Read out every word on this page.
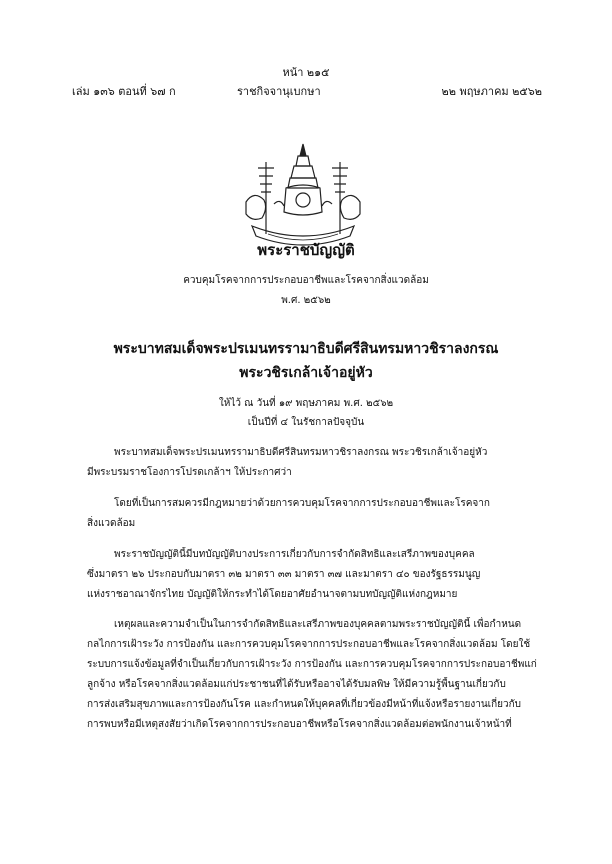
หน้า ๒๑๕
เล่ม ๑๓๖ ตอนที่ ๖๗ ก	ราชกิจจานุเบกษา	๒๒ พฤษภาคม ๒๕๖๒
พระราชบัญญัติ
ควบคุมโรคจากการประกอบอาชีพและโรคจากสิ่งแวดล้อม
พ.ศ. ๒๕๖๒
พระบาทสมเด็จพระปรเมนทรรามาธิบดีศรีสินทรมหาวชิราลงกรณ
พระวชิรเกล้าเจ้าอยู่หัว
ให้ไว้ ณ วันที่ ๑๙ พฤษภาคม พ.ศ. ๒๕๖๒
เป็นปีที่ ๔ ในรัชกาลปัจจุบัน
พระบาทสมเด็จพระปรเมนทรรามาธิบดีศรีสินทรมหาวชิราลงกรณ พระวชิรเกล้าเจ้าอยู่หัว
มีพระบรมราชโองการโปรดเกล้าฯ ให้ประกาศว่า
โดยที่เป็นการสมควรมีกฎหมายว่าด้วยการควบคุมโรคจากการประกอบอาชีพและโรคจาก
สิ่งแวดล้อม
พระราชบัญญัตินี้มีบทบัญญัติบางประการเกี่ยวกับการจำกัดสิทธิและเสรีภาพของบุคคล
ซึ่งมาตรา ๒๖ ประกอบกับมาตรา ๓๒ มาตรา ๓๓ มาตรา ๓๗ และมาตรา ๔๐ ของรัฐธรรมนูญ
แห่งราชอาณาจักรไทย บัญญัติให้กระทำได้โดยอาศัยอำนาจตามบทบัญญัติแห่งกฎหมาย
เหตุผลและความจำเป็นในการจำกัดสิทธิและเสรีภาพของบุคคลตามพระราชบัญญัตินี้ เพื่อกำหนด
กลไกการเฝ้าระวัง การป้องกัน และการควบคุมโรคจากการประกอบอาชีพและโรคจากสิ่งแวดล้อม โดยใช้
ระบบการแจ้งข้อมูลที่จำเป็นเกี่ยวกับการเฝ้าระวัง การป้องกัน และการควบคุมโรคจากการประกอบอาชีพแก่
ลูกจ้าง หรือโรคจากสิ่งแวดล้อมแก่ประชาชนที่ได้รับหรืออาจได้รับมลพิษ ให้มีความรู้พื้นฐานเกี่ยวกับ
การส่งเสริมสุขภาพและการป้องกันโรค และกำหนดให้บุคคลที่เกี่ยวข้องมีหน้าที่แจ้งหรือรายงานเกี่ยวกับ
การพบหรือมีเหตุสงสัยว่าเกิดโรคจากการประกอบอาชีพหรือโรคจากสิ่งแวดล้อมต่อพนักงานเจ้าหน้าที่
